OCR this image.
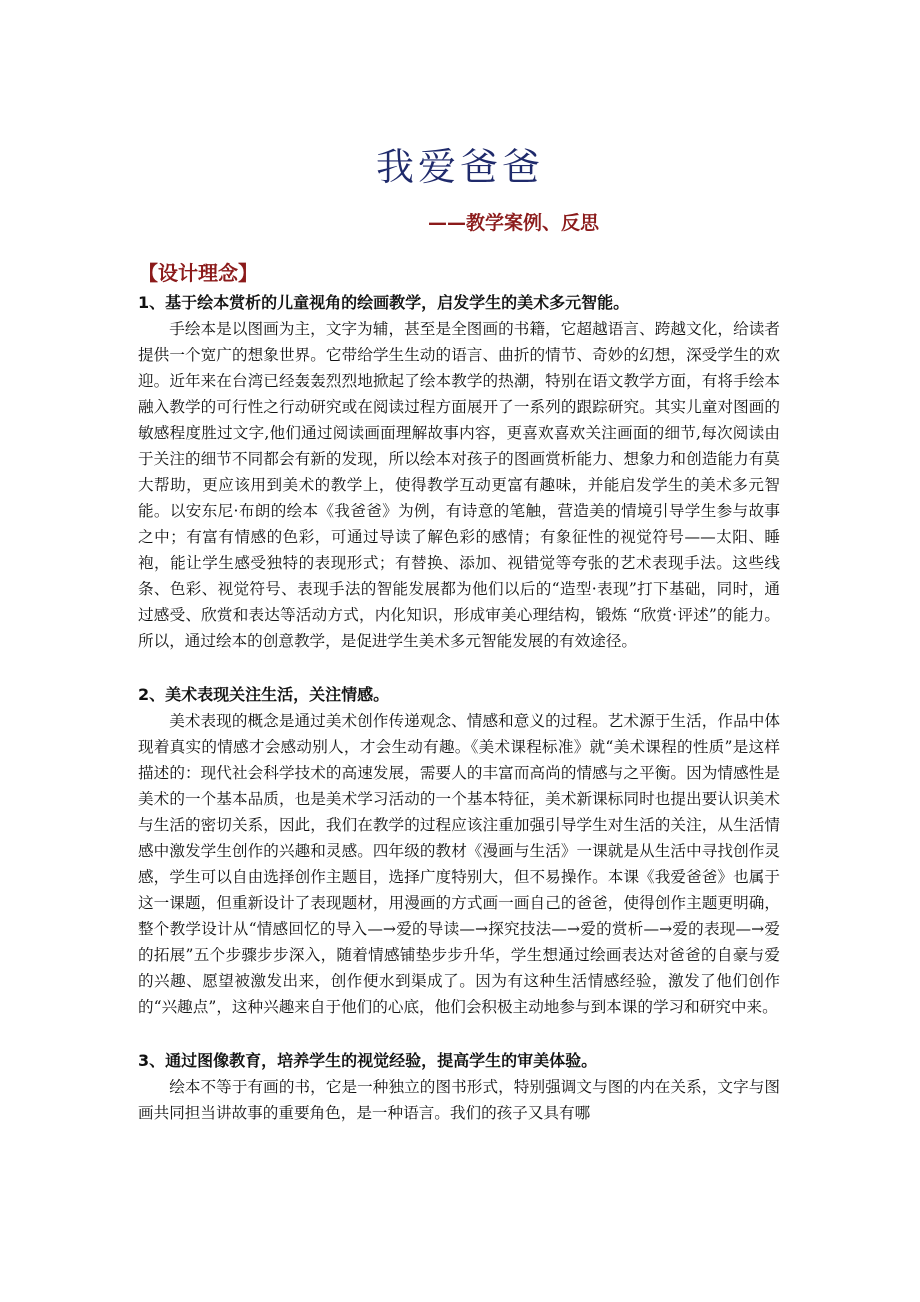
我爱爸爸
——教学案例、反思
【设计理念】

1、基于绘本赏析的儿童视角的绘画教学，启发学生的美术多元智能。

手绘本是以图画为主，文字为辅，甚至是全图画的书籍，它超越语言、跨越文化，给读者提供一个宽广的想象世界。它带给学生生动的语言、曲折的情节、奇妙的幻想，深受学生的欢迎。近年来在台湾已经轰轰烈烈地掀起了绘本教学的热潮，特别在语文教学方面，有将手绘本融入教学的可行性之行动研究或在阅读过程方面展开了一系列的跟踪研究。其实儿童对图画的敏感程度胜过文字,他们通过阅读画面理解故事内容，更喜欢喜欢关注画面的细节,每次阅读由于关注的细节不同都会有新的发现，所以绘本对孩子的图画赏析能力、想象力和创造能力有莫大帮助，更应该用到美术的教学上，使得教学互动更富有趣味，并能启发学生的美术多元智能。以安东尼·布朗的绘本《我爸爸》为例，有诗意的笔触，营造美的情境引导学生参与故事之中；有富有情感的色彩，可通过导读了解色彩的感情；有象征性的视觉符号——太阳、睡袍，能让学生感受独特的表现形式；有替换、添加、视错觉等夸张的艺术表现手法。这些线条、色彩、视觉符号、表现手法的智能发展都为他们以后的“造型·表现”打下基础，同时，通过感受、欣赏和表达等活动方式，内化知识，形成审美心理结构，锻炼 “欣赏·评述”的能力。所以，通过绘本的创意教学，是促进学生美术多元智能发展的有效途径。

2、美术表现关注生活，关注情感。

美术表现的概念是通过美术创作传递观念、情感和意义的过程。艺术源于生活，作品中体现着真实的情感才会感动别人，才会生动有趣。《美术课程标准》就“美术课程的性质”是这样描述的：现代社会科学技术的高速发展，需要人的丰富而高尚的情感与之平衡。因为情感性是美术的一个基本品质，也是美术学习活动的一个基本特征，美术新课标同时也提出要认识美术与生活的密切关系，因此，我们在教学的过程应该注重加强引导学生对生活的关注，从生活情感中激发学生创作的兴趣和灵感。四年级的教材《漫画与生活》一课就是从生活中寻找创作灵感，学生可以自由选择创作主题目，选择广度特别大，但不易操作。本课《我爱爸爸》也属于这一课题，但重新设计了表现题材，用漫画的方式画一画自己的爸爸，使得创作主题更明确，整个教学设计从“情感回忆的导入—→爱的导读—→探究技法—→爱的赏析—→爱的表现—→爱的拓展”五个步骤步步深入，随着情感铺垫步步升华，学生想通过绘画表达对爸爸的自豪与爱的兴趣、愿望被激发出来，创作便水到渠成了。因为有这种生活情感经验，激发了他们创作的“兴趣点”，这种兴趣来自于他们的心底，他们会积极主动地参与到本课的学习和研究中来。

3、通过图像教育，培养学生的视觉经验，提高学生的审美体验。

绘本不等于有画的书，它是一种独立的图书形式，特别强调文与图的内在关系，文字与图画共同担当讲故事的重要角色，是一种语言。我们的孩子又具有哪
